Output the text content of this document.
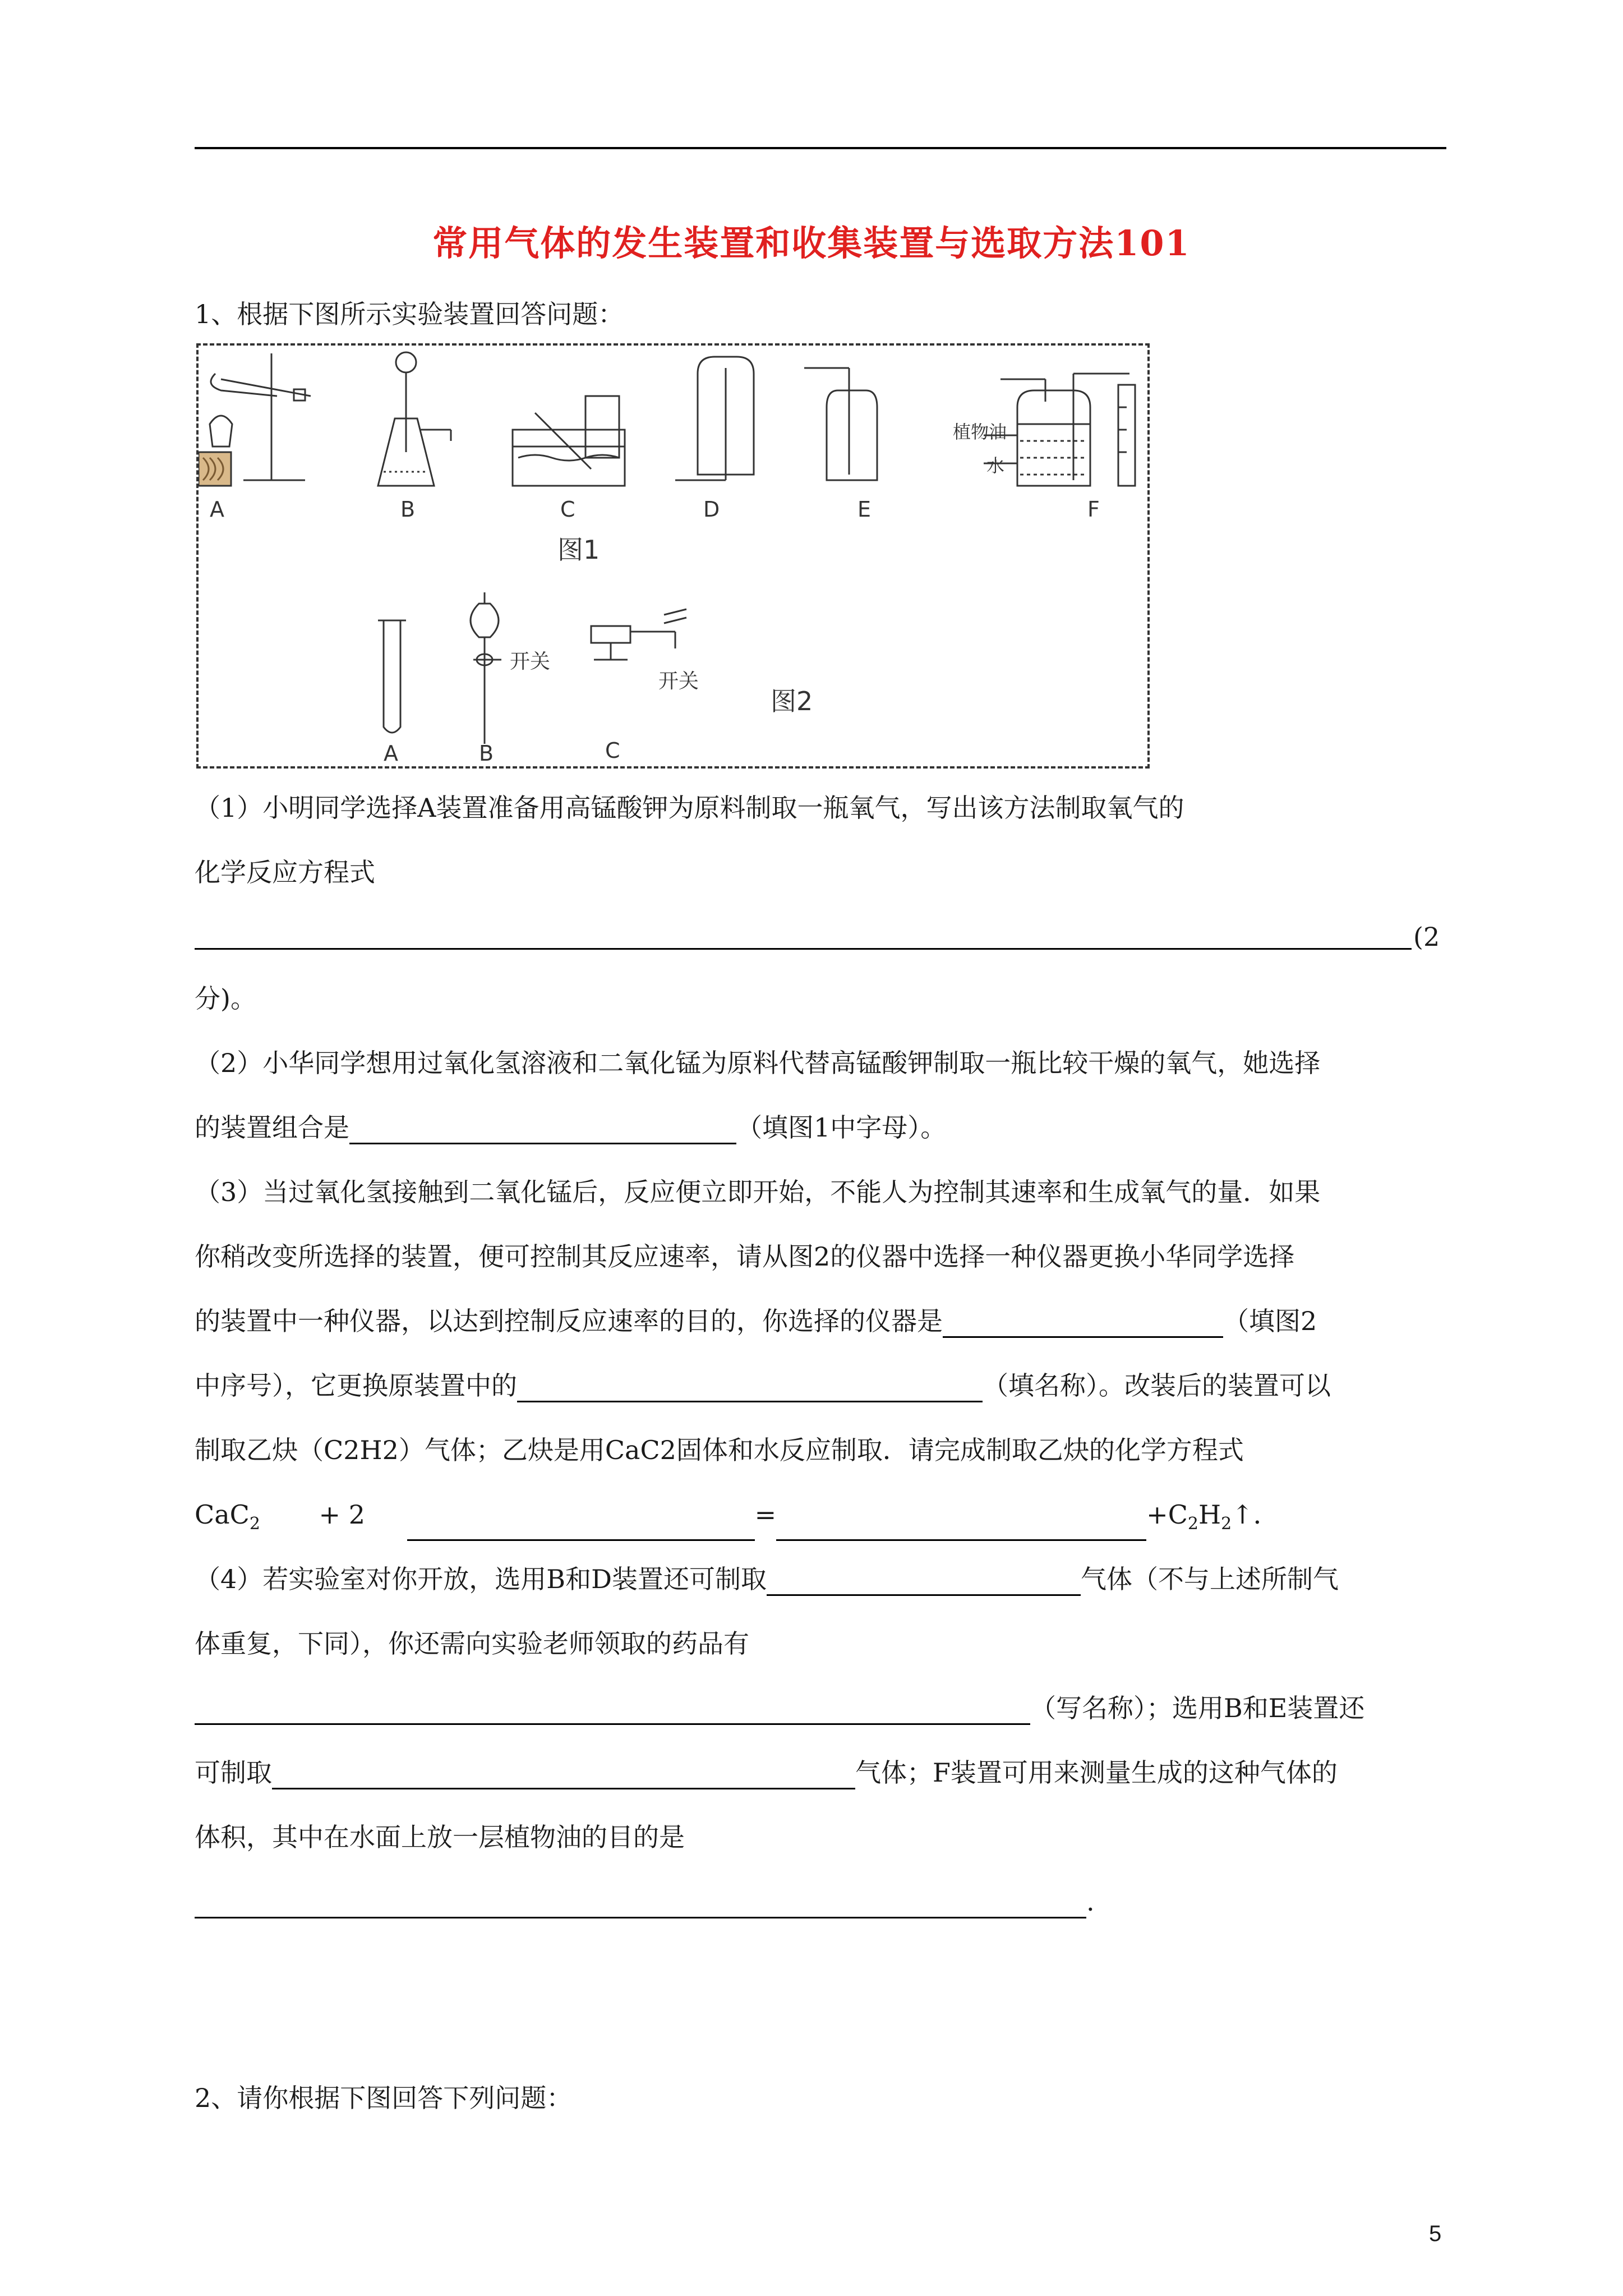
常用气体的发生装置和收集装置与选取方法101
1、根据下图所示实验装置回答问题：
A	B	C	D	E	F
植物油
水
图1
A	B	C
开关
开关
图2
（1）小明同学选择A装置准备用高锰酸钾为原料制取一瓶氧气，写出该方法制取氧气的
化学反应方程式
(2
分)。
（2）小华同学想用过氧化氢溶液和二氧化锰为原料代替高锰酸钾制取一瓶比较干燥的氧气，她选择
的装置组合是	（填图1中字母）。
（3）当过氧化氢接触到二氧化锰后，反应便立即开始，不能人为控制其速率和生成氧气的量．如果
你稍改变所选择的装置，便可控制其反应速率，请从图2的仪器中选择一种仪器更换小华同学选择
的装置中一种仪器，以达到控制反应速率的目的，你选择的仪器是	（填图2
中序号），它更换原装置中的	（填名称）。改装后的装置可以
制取乙炔（C2H2）气体；乙炔是用CaC2固体和水反应制取．请完成制取乙炔的化学方程式
CaC$_2$ + 2	=	$+C_2H_2↑$．
（4）若实验室对你开放，选用B和D装置还可制取	气体（不与上述所制气
体重复，下同），你还需向实验老师领取的药品有
（写名称）；选用B和E装置还
可制取	气体；F装置可用来测量生成的这种气体的
体积，其中在水面上放一层植物油的目的是
.
2、请你根据下图回答下列问题：
5
